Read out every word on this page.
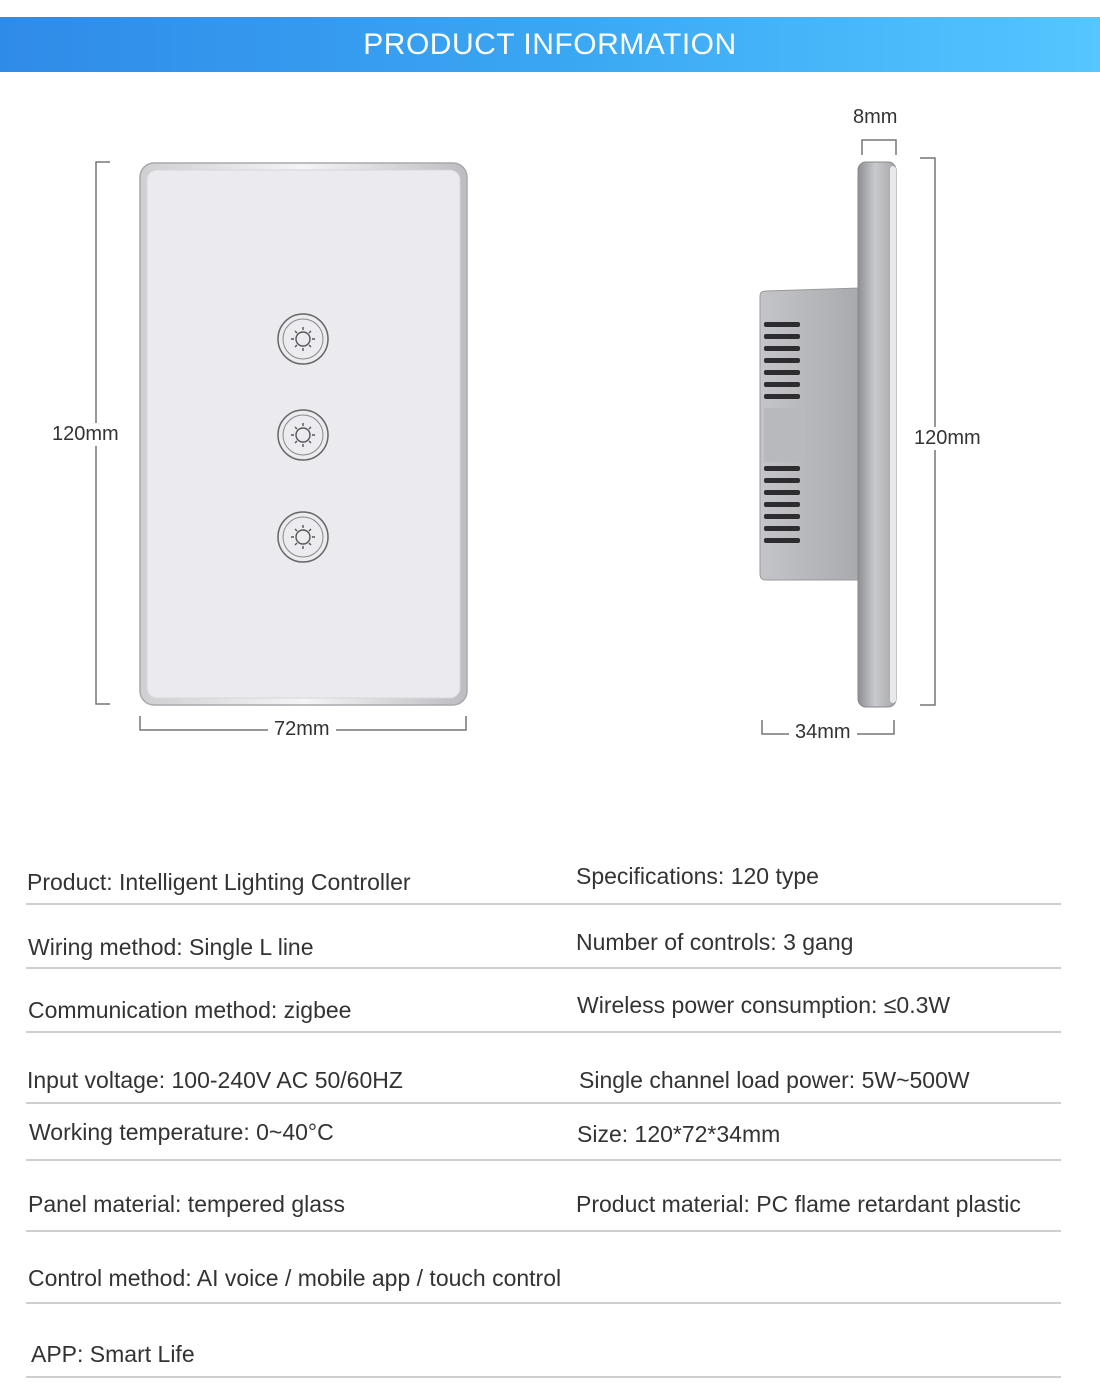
PRODUCT INFORMATION
120mm
72mm
8mm
120mm
34mm
Product: Intelligent Lighting Controller	Specifications: 120 type
Wiring method: Single L line	Number of controls: 3 gang
Communication method: zigbee	Wireless power consumption: ≤0.3W
Input voltage: 100-240V AC 50/60HZ	Single channel load power: 5W~500W
Working temperature: 0~40°C	Size: 120*72*34mm
Panel material: tempered glass	Product material: PC flame retardant plastic
Control method: AI voice / mobile app / touch control
APP: Smart Life
